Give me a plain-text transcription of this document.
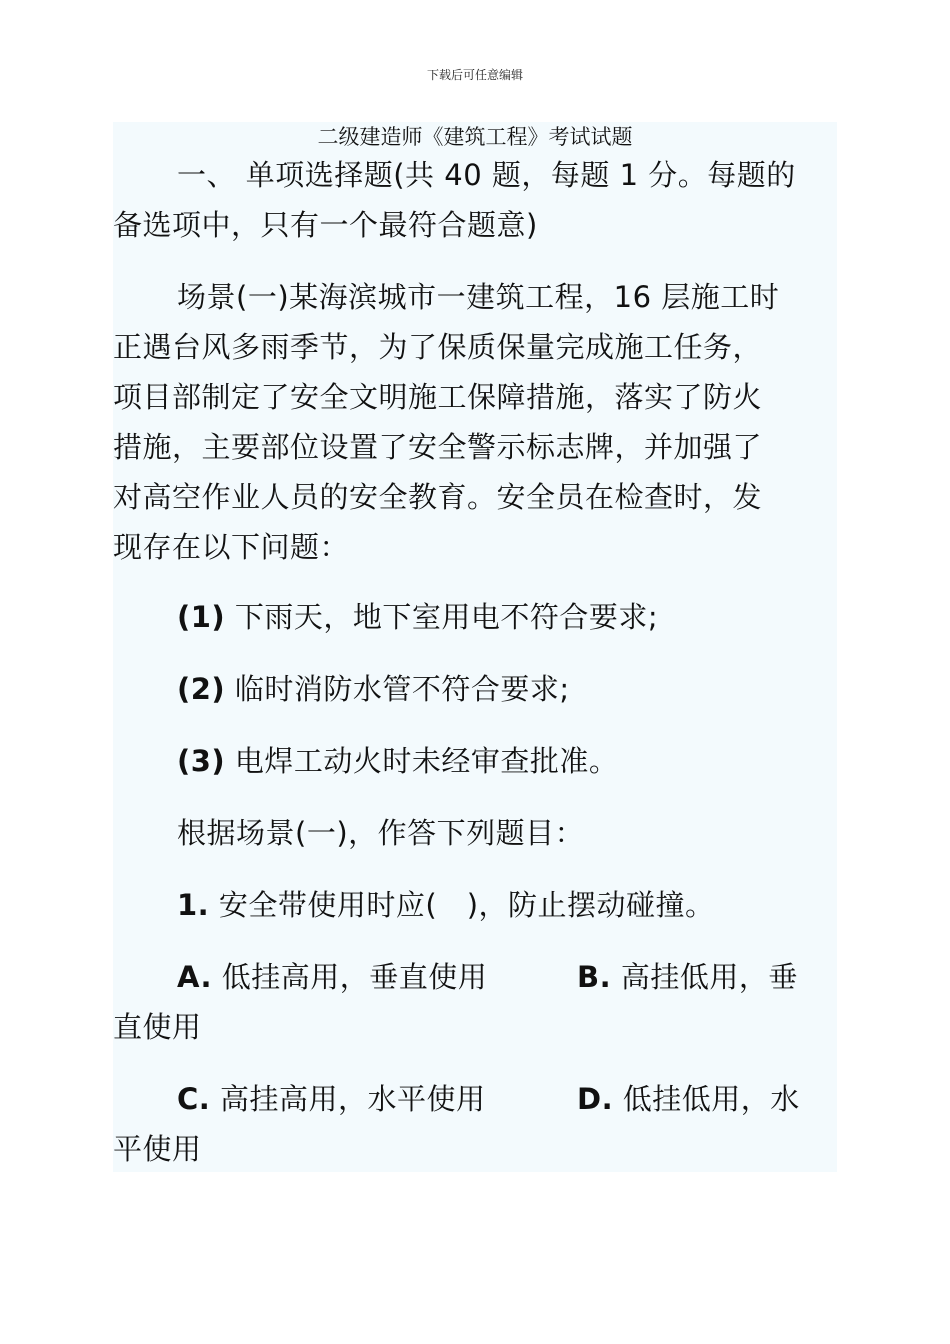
下载后可任意编辑
二级建造师《建筑工程》考试试题
一、 单项选择题(共 40 题，每题 1 分。每题的
备选项中，只有一个最符合题意)
场景(一)某海滨城市一建筑工程，16 层施工时
正遇台风多雨季节，为了保质保量完成施工任务，
项目部制定了安全文明施工保障措施，落实了防火
措施，主要部位设置了安全警示标志牌，并加强了
对高空作业人员的安全教育。安全员在检查时，发
现存在以下问题：
(1) 下雨天，地下室用电不符合要求;
(2) 临时消防水管不符合要求;
(3) 电焊工动火时未经审查批准。
根据场景(一)，作答下列题目：
1. 安全带使用时应(　)，防止摆动碰撞。
A. 低挂高用，垂直使用	B. 高挂低用，垂
直使用
C. 高挂高用，水平使用	D. 低挂低用，水
平使用
